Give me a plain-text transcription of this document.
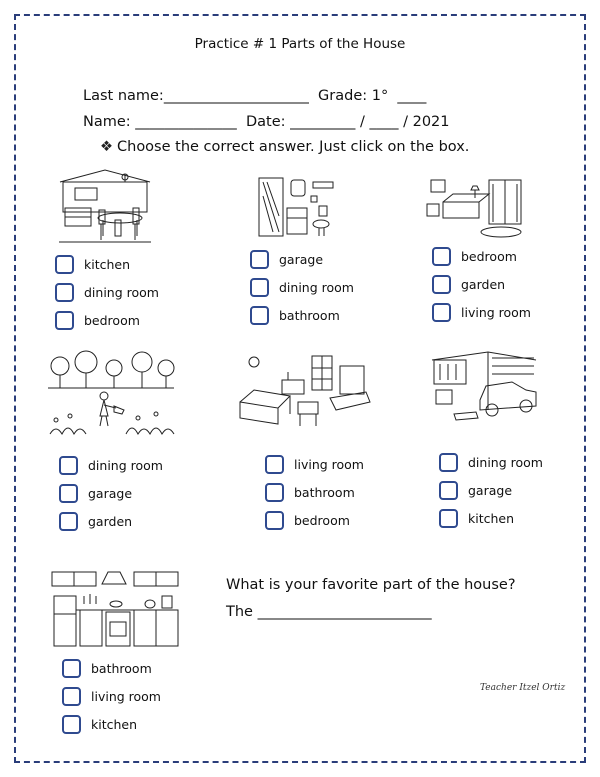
Practice # 1 Parts of the House
Last name:____________________  Grade: 1°  ____
Name: ______________  Date: _________ / ____ / 2021
❖ Choose the correct answer. Just click on the box.
kitchen
dining room
bedroom
garage
dining room
bathroom
bedroom
garden
living room
dining room
garage
garden
living room
bathroom
bedroom
dining room
garage
kitchen
bathroom
living room
kitchen
What is your favorite part of the house?
The ________________________
Teacher Itzel Ortiz
